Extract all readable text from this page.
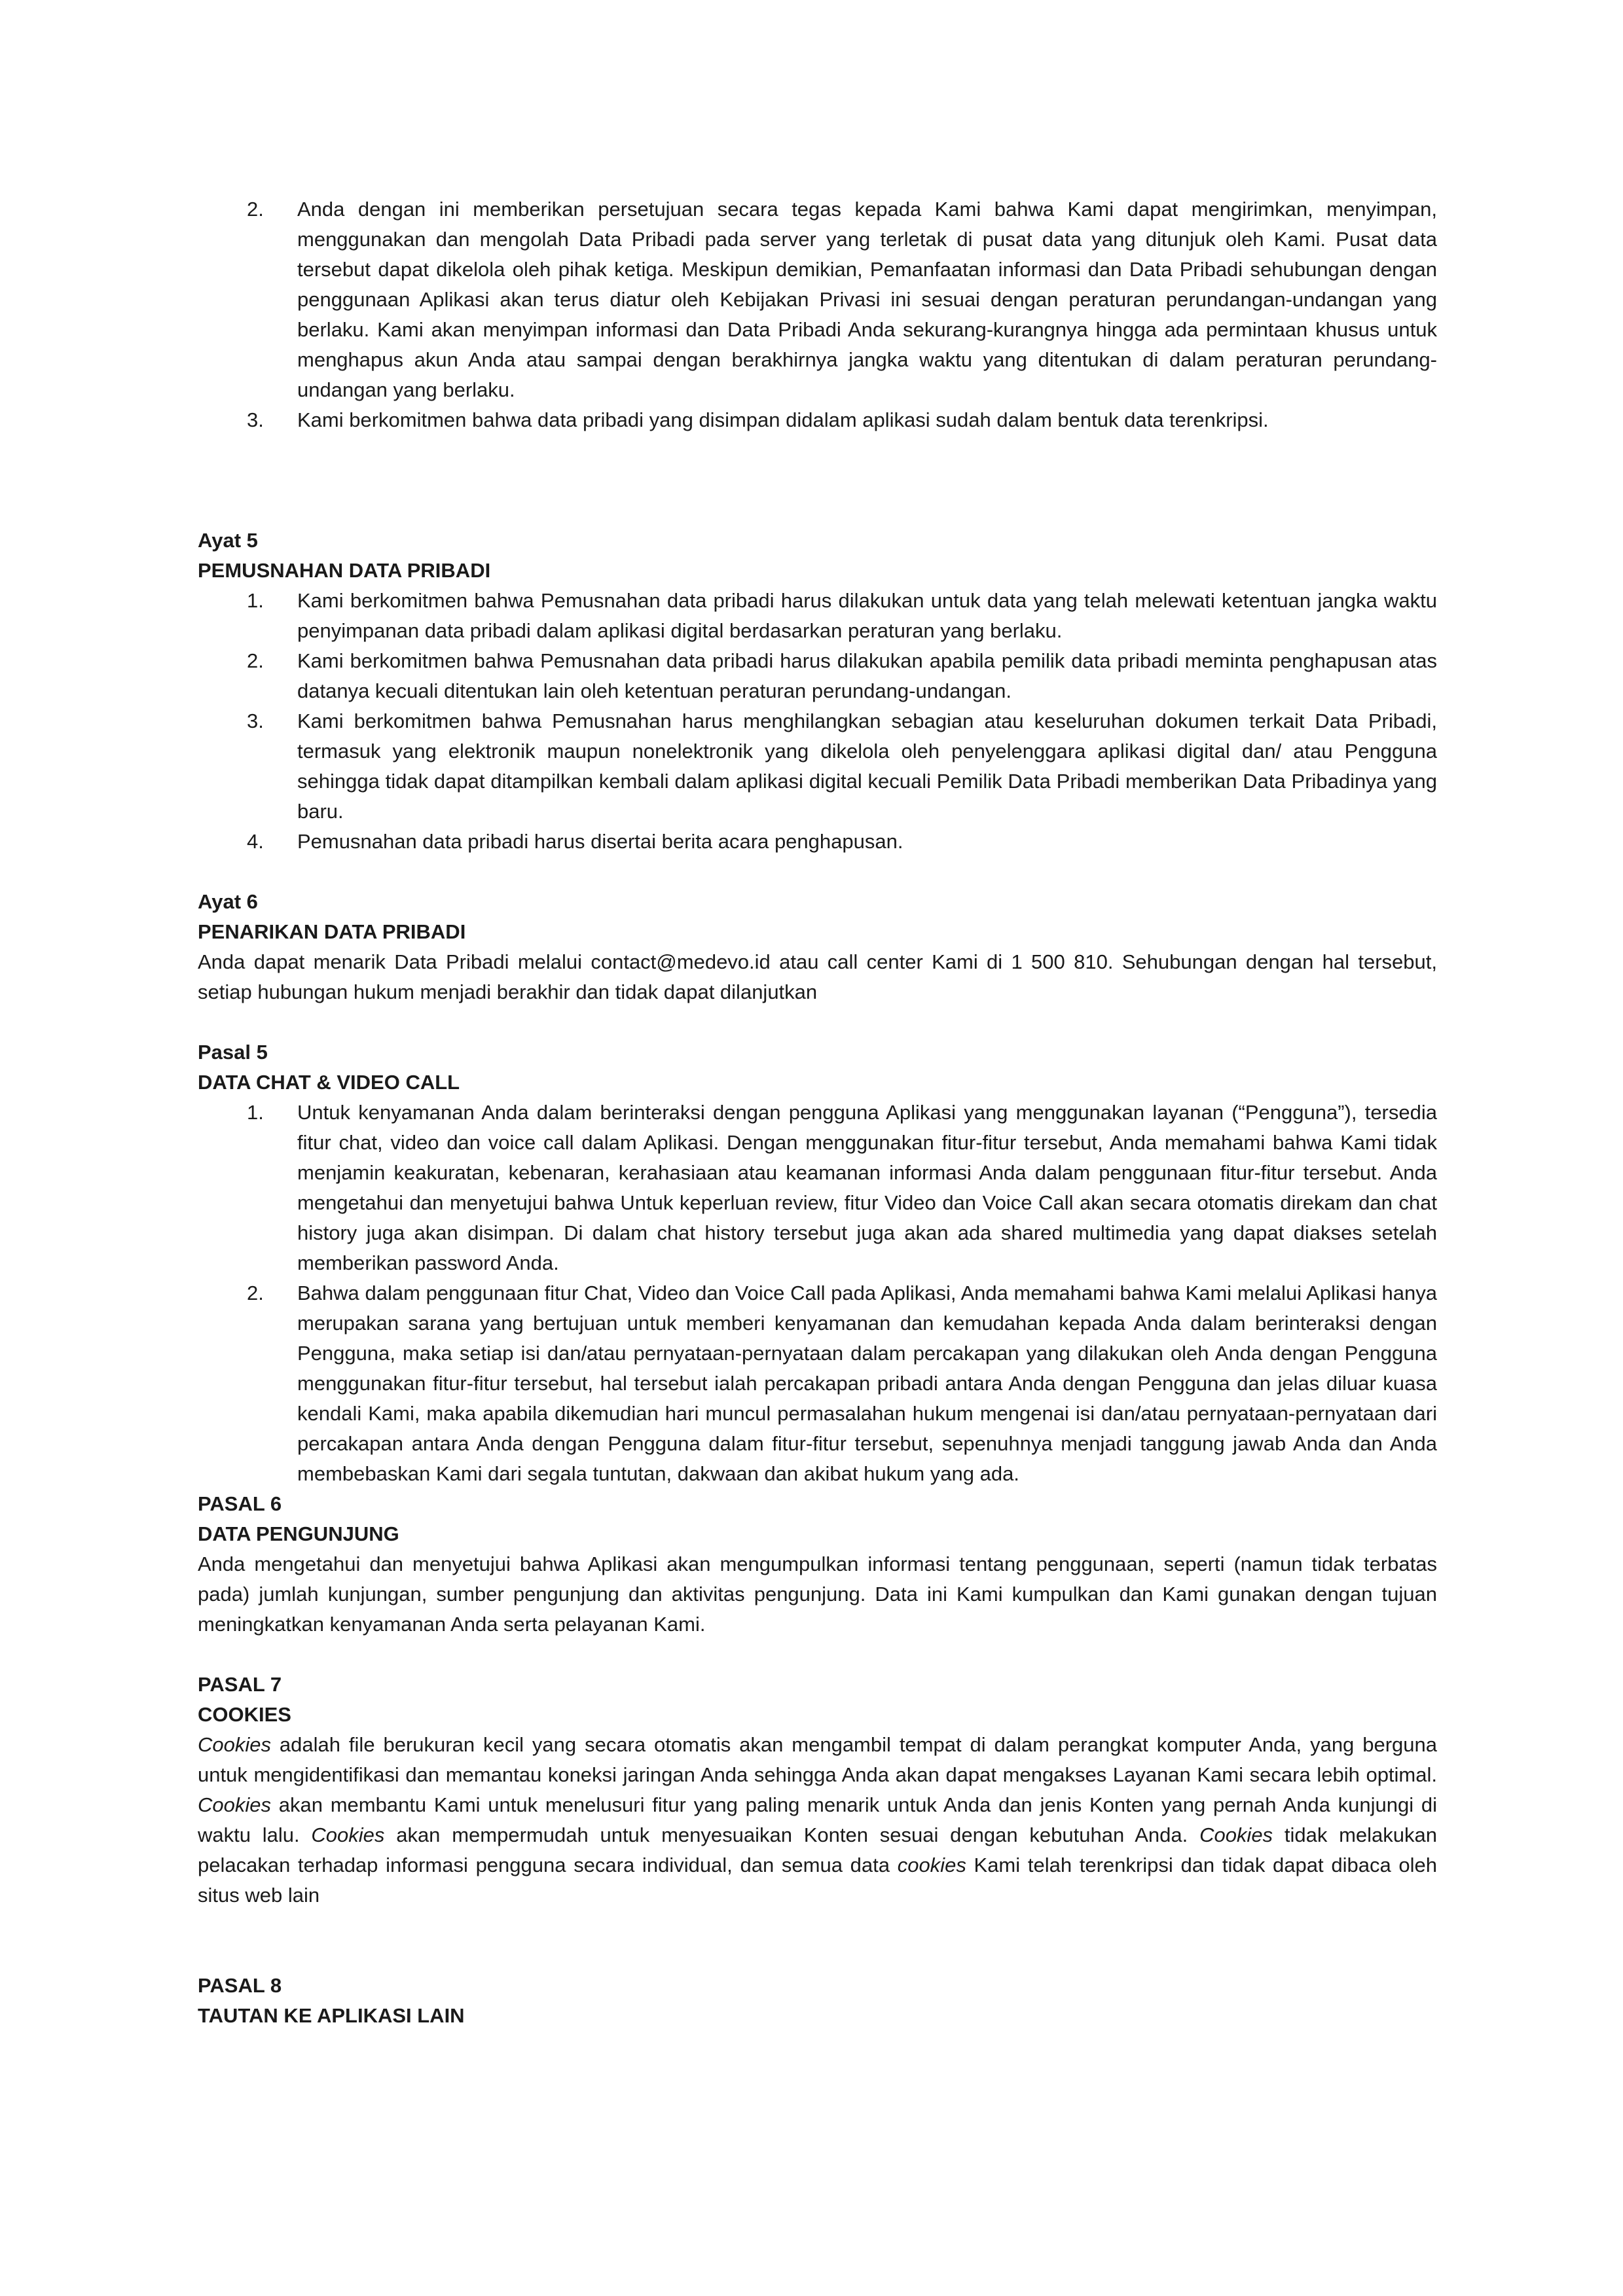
2. Anda dengan ini memberikan persetujuan secara tegas kepada Kami bahwa Kami dapat mengirimkan, menyimpan, menggunakan dan mengolah Data Pribadi pada server yang terletak di pusat data yang ditunjuk oleh Kami. Pusat data tersebut dapat dikelola oleh pihak ketiga. Meskipun demikian, Pemanfaatan informasi dan Data Pribadi sehubungan dengan penggunaan Aplikasi akan terus diatur oleh Kebijakan Privasi ini sesuai dengan peraturan perundangan-undangan yang berlaku. Kami akan menyimpan informasi dan Data Pribadi Anda sekurang-kurangnya hingga ada permintaan khusus untuk menghapus akun Anda atau sampai dengan berakhirnya jangka waktu yang ditentukan di dalam peraturan perundang-undangan yang berlaku.
3. Kami berkomitmen bahwa data pribadi yang disimpan didalam aplikasi sudah dalam bentuk data terenkripsi.

Ayat 5

PEMUSNAHAN DATA PRIBADI

1. Kami berkomitmen bahwa Pemusnahan data pribadi harus dilakukan untuk data yang telah melewati ketentuan jangka waktu penyimpanan data pribadi dalam aplikasi digital berdasarkan peraturan yang berlaku.
2. Kami berkomitmen bahwa Pemusnahan data pribadi harus dilakukan apabila pemilik data pribadi meminta penghapusan atas datanya kecuali ditentukan lain oleh ketentuan peraturan perundang-undangan.
3. Kami berkomitmen bahwa Pemusnahan harus menghilangkan sebagian atau keseluruhan dokumen terkait Data Pribadi, termasuk yang elektronik maupun nonelektronik yang dikelola oleh penyelenggara aplikasi digital dan/ atau Pengguna sehingga tidak dapat ditampilkan kembali dalam aplikasi digital kecuali Pemilik Data Pribadi memberikan Data Pribadinya yang baru.
4. Pemusnahan data pribadi harus disertai berita acara penghapusan.

Ayat 6

PENARIKAN DATA PRIBADI

Anda dapat menarik Data Pribadi melalui contact@medevo.id atau call center Kami di 1 500 810. Sehubungan dengan hal tersebut, setiap hubungan hukum menjadi berakhir dan tidak dapat dilanjutkan

Pasal 5

DATA CHAT & VIDEO CALL

1. Untuk kenyamanan Anda dalam berinteraksi dengan pengguna Aplikasi yang menggunakan layanan (“Pengguna”), tersedia fitur chat, video dan voice call dalam Aplikasi. Dengan menggunakan fitur-fitur tersebut, Anda memahami bahwa Kami tidak menjamin keakuratan, kebenaran, kerahasiaan atau keamanan informasi Anda dalam penggunaan fitur-fitur tersebut. Anda mengetahui dan menyetujui bahwa Untuk keperluan review, fitur Video dan Voice Call akan secara otomatis direkam dan chat history juga akan disimpan. Di dalam chat history tersebut juga akan ada shared multimedia yang dapat diakses setelah memberikan password Anda.
2. Bahwa dalam penggunaan fitur Chat, Video dan Voice Call pada Aplikasi, Anda memahami bahwa Kami melalui Aplikasi hanya merupakan sarana yang bertujuan untuk memberi kenyamanan dan kemudahan kepada Anda dalam berinteraksi dengan Pengguna, maka setiap isi dan/atau pernyataan-pernyataan dalam percakapan yang dilakukan oleh Anda dengan Pengguna menggunakan fitur-fitur tersebut, hal tersebut ialah percakapan pribadi antara Anda dengan Pengguna dan jelas diluar kuasa kendali Kami, maka apabila dikemudian hari muncul permasalahan hukum mengenai isi dan/atau pernyataan-pernyataan dari percakapan antara Anda dengan Pengguna dalam fitur-fitur tersebut, sepenuhnya menjadi tanggung jawab Anda dan Anda membebaskan Kami dari segala tuntutan, dakwaan dan akibat hukum yang ada.

PASAL 6

DATA PENGUNJUNG

Anda mengetahui dan menyetujui bahwa Aplikasi akan mengumpulkan informasi tentang penggunaan, seperti (namun tidak terbatas pada) jumlah kunjungan, sumber pengunjung dan aktivitas pengunjung. Data ini Kami kumpulkan dan Kami gunakan dengan tujuan meningkatkan kenyamanan Anda serta pelayanan Kami.

PASAL 7

COOKIES

Cookies adalah file berukuran kecil yang secara otomatis akan mengambil tempat di dalam perangkat komputer Anda, yang berguna untuk mengidentifikasi dan memantau koneksi jaringan Anda sehingga Anda akan dapat mengakses Layanan Kami secara lebih optimal. Cookies akan membantu Kami untuk menelusuri fitur yang paling menarik untuk Anda dan jenis Konten yang pernah Anda kunjungi di waktu lalu. Cookies akan mempermudah untuk menyesuaikan Konten sesuai dengan kebutuhan Anda. Cookies tidak melakukan pelacakan terhadap informasi pengguna secara individual, dan semua data cookies Kami telah terenkripsi dan tidak dapat dibaca oleh situs web lain

PASAL 8

TAUTAN KE APLIKASI LAIN
